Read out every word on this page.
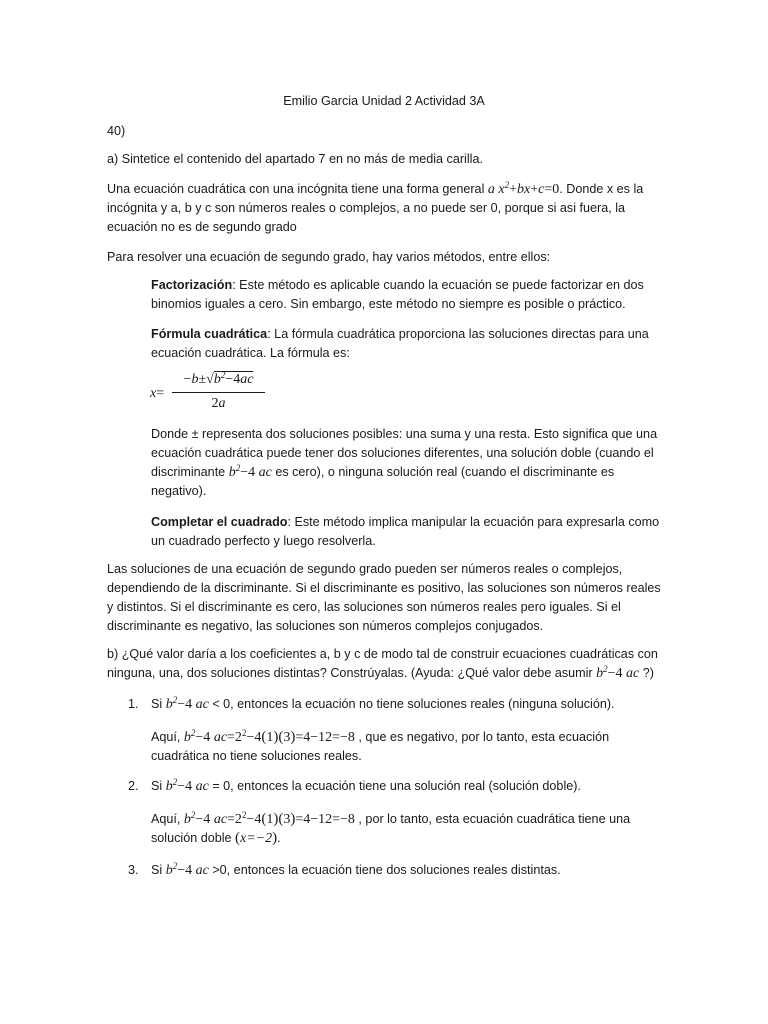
Emilio Garcia Unidad 2 Actividad 3A

40)

a) Sintetice el contenido del apartado 7 en no más de media carilla.

Una ecuación cuadrática con una incógnita tiene una forma general a $x^2+bx+c=0$. Donde x es la incógnita y a, b y c son números reales o complejos, a no puede ser 0, porque si asi fuera, la ecuación no es de segundo grado

Para resolver una ecuación de segundo grado, hay varios métodos, entre ellos:

Factorización: Este método es aplicable cuando la ecuación se puede factorizar en dos binomios iguales a cero. Sin embargo, este método no siempre es posible o práctico.

Fórmula cuadrática: La fórmula cuadrática proporciona las soluciones directas para una ecuación cuadrática. La fórmula es:

x=
$-b\pm√b^2-4ac$
2a

Donde ± representa dos soluciones posibles: una suma y una resta. Esto significa que una ecuación cuadrática puede tener dos soluciones diferentes, una solución doble (cuando el discriminante $b^2-4$ ac es cero), o ninguna solución real (cuando el discriminante es negativo).

Completar el cuadrado: Este método implica manipular la ecuación para expresarla como un cuadrado perfecto y luego resolverla.

Las soluciones de una ecuación de segundo grado pueden ser números reales o complejos, dependiendo de la discriminante. Si el discriminante es positivo, las soluciones son números reales y distintos. Si el discriminante es cero, las soluciones son números reales pero iguales. Si el discriminante es negativo, las soluciones son números complejos conjugados.

b) ¿Qué valor daría a los coeficientes a, b y c de modo tal de construir ecuaciones cuadráticas con ninguna, una, dos soluciones distintas? Constrúyalas. (Ayuda: ¿Qué valor debe asumir $b^2-4$ ac ?)

1. Si $b^2-4$ ac < 0, entonces la ecuación no tiene soluciones reales (ninguna solución).

Aquí, $b^2-4$ $ac=2^2-4(1)(3)=4-12=-8$ , que es negativo, por lo tanto, esta ecuación cuadrática no tiene soluciones reales.

2. Si $b^2-4$ ac = 0, entonces la ecuación tiene una solución real (solución doble).

Aquí, $b^2-4$ $ac=2^2-4(1)(3)=4-12=-8$ , por lo tanto, esta ecuación cuadrática tiene una solución doble (x=−2).

3. Si $b^2-4$ ac >0, entonces la ecuación tiene dos soluciones reales distintas.
